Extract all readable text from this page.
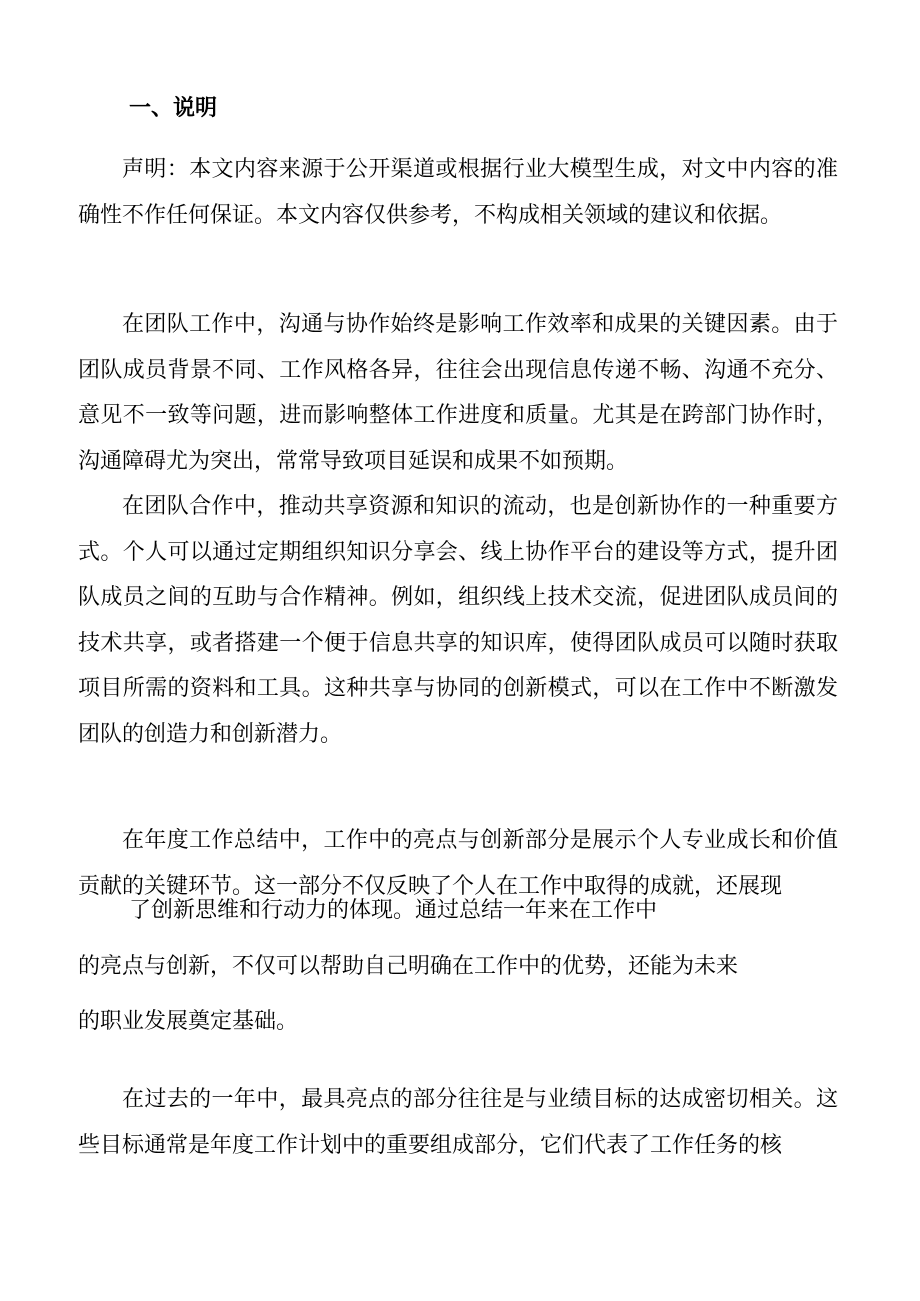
一、说明

声明：本文内容来源于公开渠道或根据行业大模型生成，对文中内容的准确性不作任何保证。本文内容仅供参考，不构成相关领域的建议和依据。

在团队工作中，沟通与协作始终是影响工作效率和成果的关键因素。由于团队成员背景不同、工作风格各异，往往会出现信息传递不畅、沟通不充分、意见不一致等问题，进而影响整体工作进度和质量。尤其是在跨部门协作时，沟通障碍尤为突出，常常导致项目延误和成果不如预期。

在团队合作中，推动共享资源和知识的流动，也是创新协作的一种重要方式。个人可以通过定期组织知识分享会、线上协作平台的建设等方式，提升团队成员之间的互助与合作精神。例如，组织线上技术交流，促进团队成员间的技术共享，或者搭建一个便于信息共享的知识库，使得团队成员可以随时获取项目所需的资料和工具。这种共享与协同的创新模式，可以在工作中不断激发团队的创造力和创新潜力。

在年度工作总结中，工作中的亮点与创新部分是展示个人专业成长和价值贡献的关键环节。这一部分不仅反映了个人在工作中取得的成就，还展现

了创新思维和行动力的体现。通过总结一年来在工作中

的亮点与创新，不仅可以帮助自己明确在工作中的优势，还能为未来

的职业发展奠定基础。

在过去的一年中，最具亮点的部分往往是与业绩目标的达成密切相关。这些目标通常是年度工作计划中的重要组成部分，它们代表了工作任务的核
